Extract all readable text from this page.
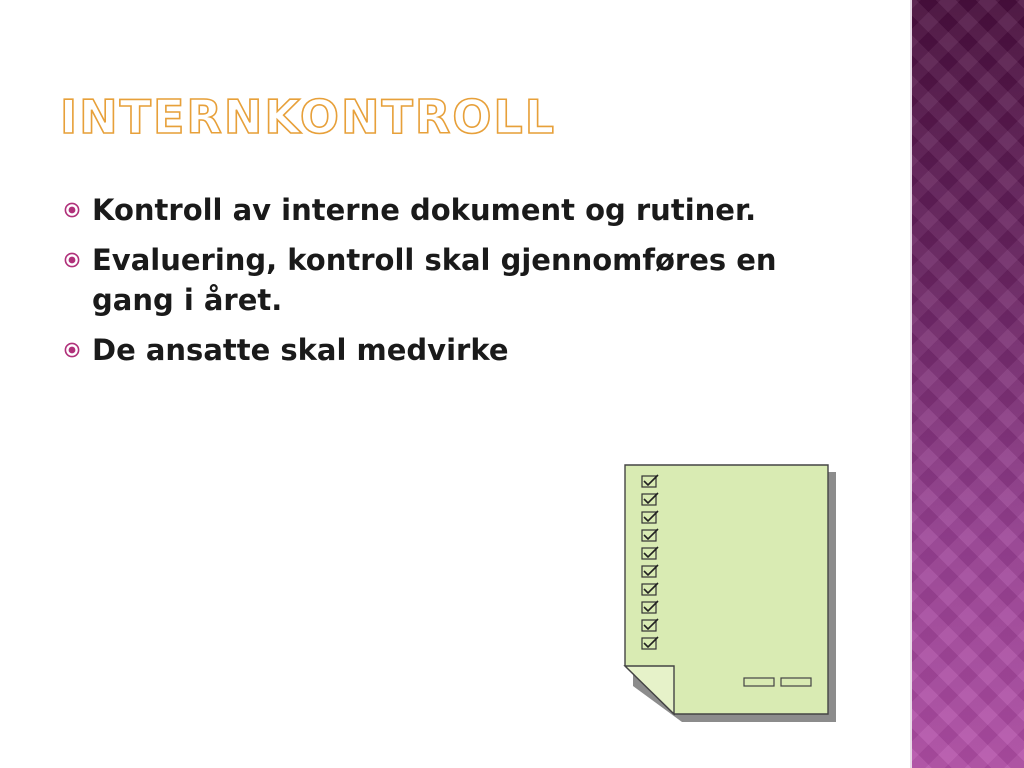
INTERNKONTROLL
Kontroll av interne dokument og rutiner.
Evaluering, kontroll skal gjennomføres en gang i året.
De ansatte skal medvirke
